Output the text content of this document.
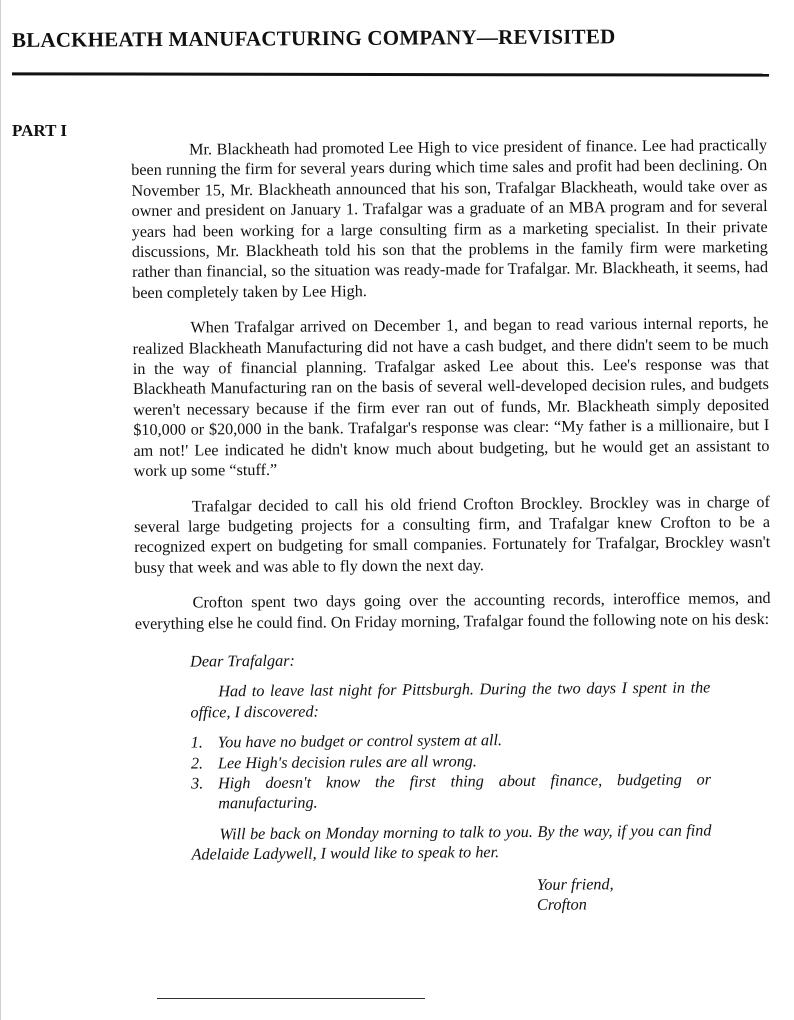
BLACKHEATH MANUFACTURING COMPANY—REVISITED
PART I

Mr. Blackheath had promoted Lee High to vice president of finance. Lee had practically been running the firm for several years during which time sales and profit had been declining. On November 15, Mr. Blackheath announced that his son, Trafalgar Blackheath, would take over as owner and president on January 1. Trafalgar was a graduate of an MBA program and for several years had been working for a large consulting firm as a marketing specialist. In their private discussions, Mr. Blackheath told his son that the problems in the family firm were marketing rather than financial, so the situation was ready-made for Trafalgar. Mr. Blackheath, it seems, had been completely taken by Lee High.

When Trafalgar arrived on December 1, and began to read various internal reports, he realized Blackheath Manufacturing did not have a cash budget, and there didn't seem to be much in the way of financial planning. Trafalgar asked Lee about this. Lee's response was that Blackheath Manufacturing ran on the basis of several well-developed decision rules, and budgets weren't necessary because if the firm ever ran out of funds, Mr. Blackheath simply deposited $10,000 or $20,000 in the bank. Trafalgar's response was clear: “My father is a millionaire, but I am not!' Lee indicated he didn't know much about budgeting, but he would get an assistant to work up some “stuff.”

Trafalgar decided to call his old friend Crofton Brockley. Brockley was in charge of several large budgeting projects for a consulting firm, and Trafalgar knew Crofton to be a recognized expert on budgeting for small companies. Fortunately for Trafalgar, Brockley wasn't busy that week and was able to fly down the next day.

Crofton spent two days going over the accounting records, interoffice memos, and everything else he could find. On Friday morning, Trafalgar found the following note on his desk:

Dear Trafalgar:
Had to leave last night for Pittsburgh. During the two days I spent in the office, I discovered:
1. You have no budget or control system at all.
2. Lee High's decision rules are all wrong.
3. High doesn't know the first thing about finance, budgeting or manufacturing.
Will be back on Monday morning to talk to you. By the way, if you can find Adelaide Ladywell, I would like to speak to her.
Your friend,
Crofton
